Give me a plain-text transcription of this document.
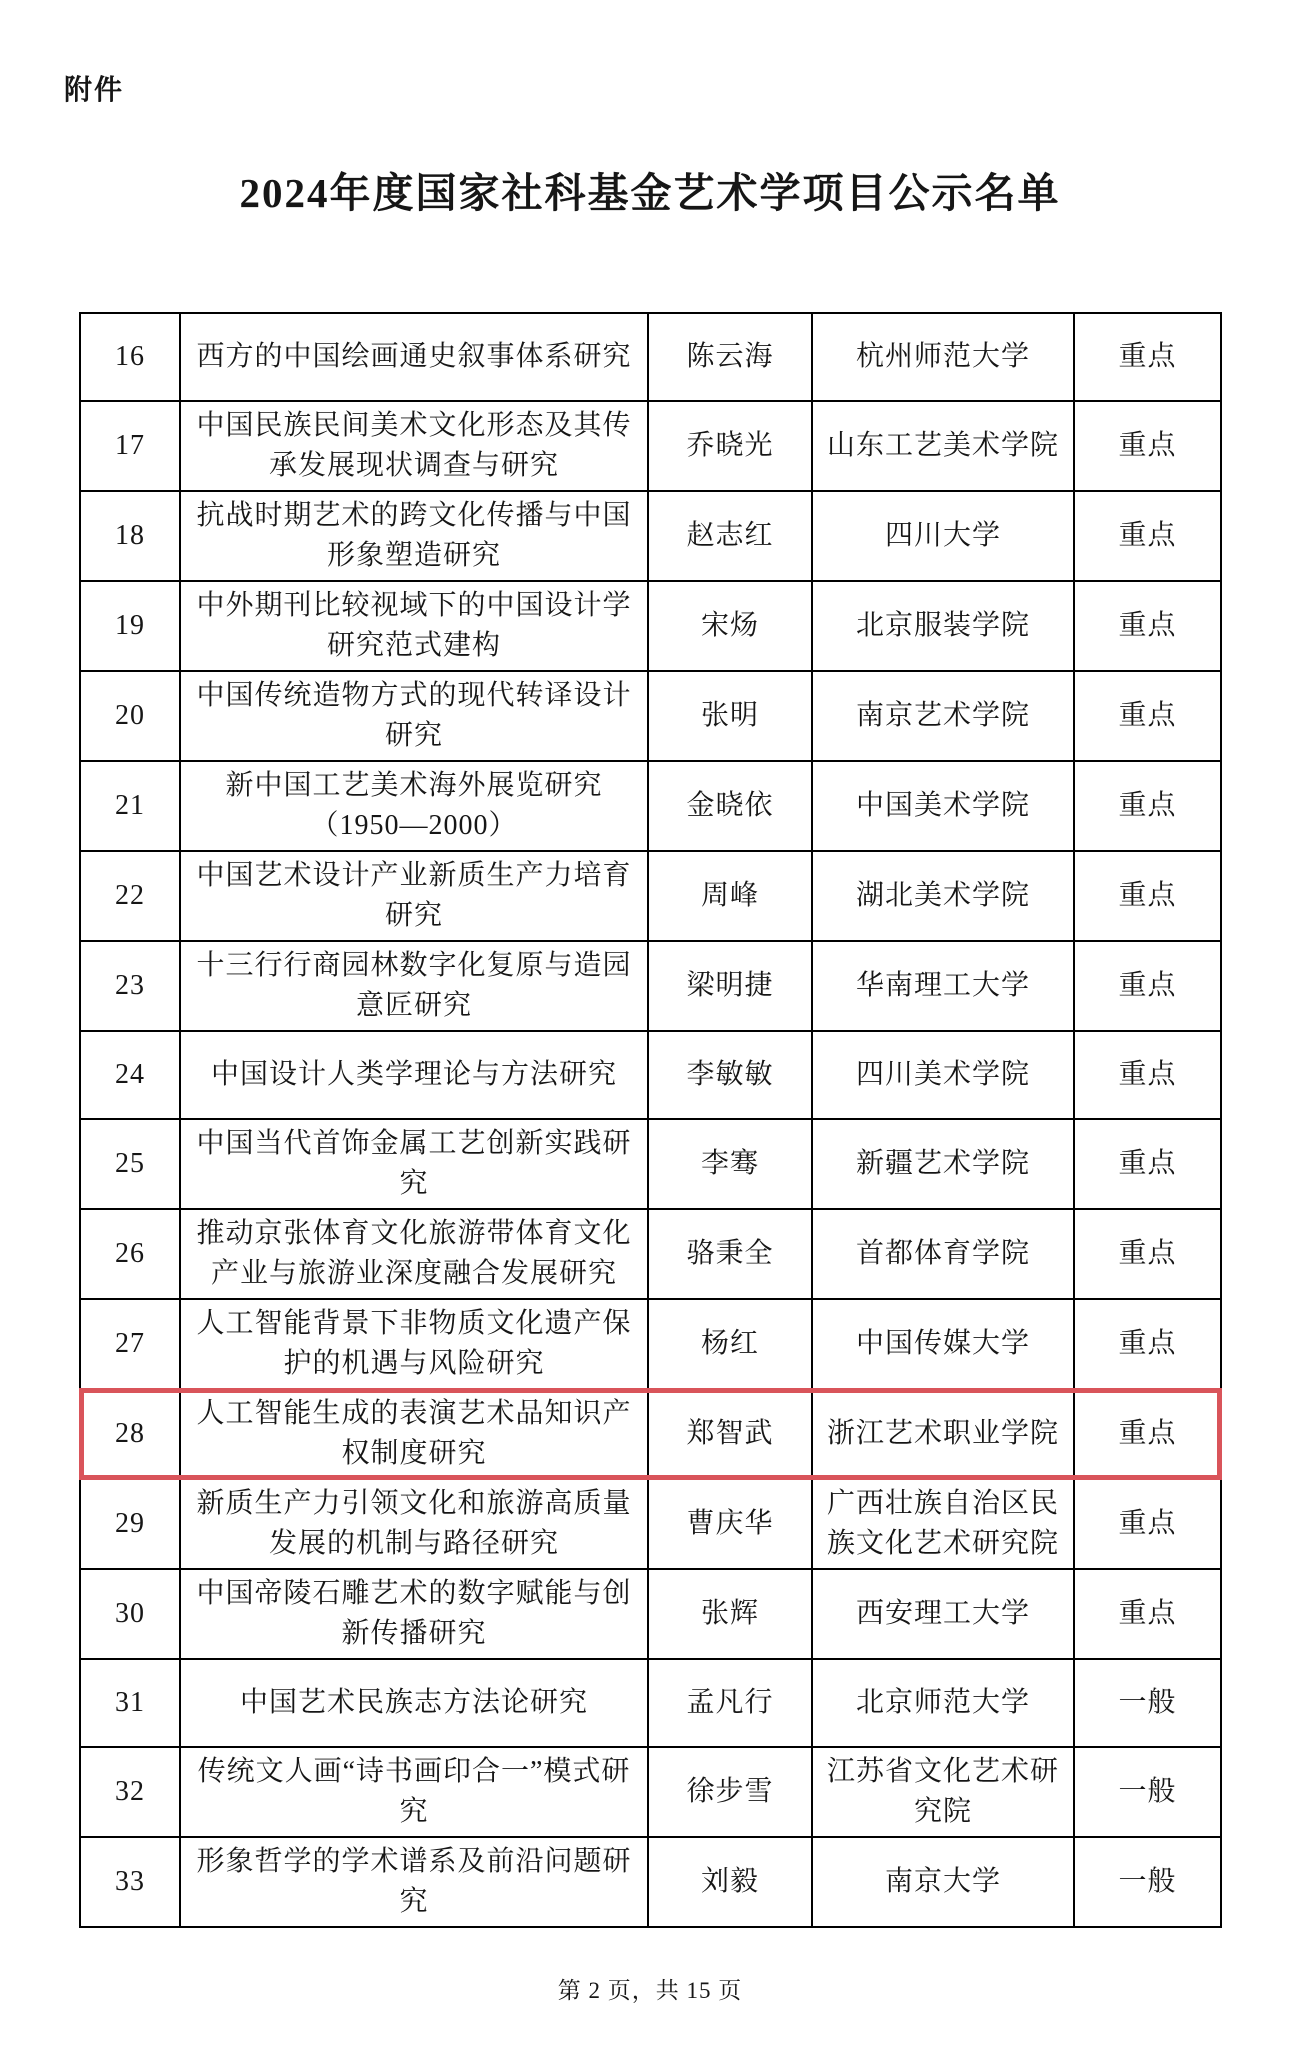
附件
2024年度国家社科基金艺术学项目公示名单
16	西方的中国绘画通史叙事体系研究	陈云海	杭州师范大学	重点
17	中国民族民间美术文化形态及其传承发展现状调查与研究	乔晓光	山东工艺美术学院	重点
18	抗战时期艺术的跨文化传播与中国形象塑造研究	赵志红	四川大学	重点
19	中外期刊比较视域下的中国设计学研究范式建构	宋炀	北京服装学院	重点
20	中国传统造物方式的现代转译设计研究	张明	南京艺术学院	重点
21	新中国工艺美术海外展览研究（1950—2000）	金晓依	中国美术学院	重点
22	中国艺术设计产业新质生产力培育研究	周峰	湖北美术学院	重点
23	十三行行商园林数字化复原与造园意匠研究	梁明捷	华南理工大学	重点
24	中国设计人类学理论与方法研究	李敏敏	四川美术学院	重点
25	中国当代首饰金属工艺创新实践研究	李骞	新疆艺术学院	重点
26	推动京张体育文化旅游带体育文化产业与旅游业深度融合发展研究	骆秉全	首都体育学院	重点
27	人工智能背景下非物质文化遗产保护的机遇与风险研究	杨红	中国传媒大学	重点
28	人工智能生成的表演艺术品知识产权制度研究	郑智武	浙江艺术职业学院	重点
29	新质生产力引领文化和旅游高质量发展的机制与路径研究	曹庆华	广西壮族自治区民族文化艺术研究院	重点
30	中国帝陵石雕艺术的数字赋能与创新传播研究	张辉	西安理工大学	重点
31	中国艺术民族志方法论研究	孟凡行	北京师范大学	一般
32	传统文人画“诗书画印合一”模式研究	徐步雪	江苏省文化艺术研究院	一般
33	形象哲学的学术谱系及前沿问题研究	刘毅	南京大学	一般
第 2 页，共 15 页
